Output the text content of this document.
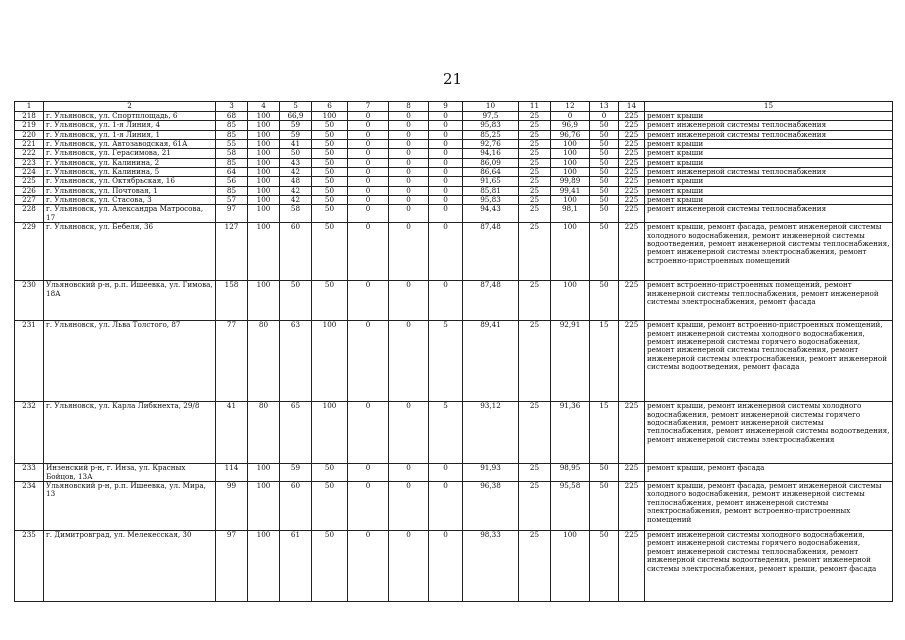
21
1	2	3	4	5	6	7	8	9	10	11	12	13	14	15
218	г. Ульяновск, ул. Спортплощадь, 6	68	100	66,9	100	0	0	0	97,5	25	0	0	225	ремонт крыши
219	г. Ульяновск, ул. 1-я Линия, 4	85	100	59	50	0	0	0	95,83	25	96,9	50	225	ремонт инженерной системы теплоснабжения
220	г. Ульяновск, ул. 1-я Линия, 1	85	100	59	50	0	0	0	85,25	25	96,76	50	225	ремонт инженерной системы теплоснабжения
221	г. Ульяновск, ул. Автозаводская, 61А	55	100	41	50	0	0	0	92,76	25	100	50	225	ремонт крыши
222	г. Ульяновск, ул. Герасимова, 21	58	100	50	50	0	0	0	94,16	25	100	50	225	ремонт крыши
223	г. Ульяновск, ул. Калинина, 2	85	100	43	50	0	0	0	86,09	25	100	50	225	ремонт крыши
224	г. Ульяновск, ул. Калинина, 5	64	100	42	50	0	0	0	86,64	25	100	50	225	ремонт инженерной системы теплоснабжения
225	г. Ульяновск, ул. Октябрьская, 16	56	100	48	50	0	0	0	91,65	25	99,89	50	225	ремонт крыши
226	г. Ульяновск, ул. Почтовая, 1	85	100	42	50	0	0	0	85,81	25	99,41	50	225	ремонт крыши
227	г. Ульяновск, ул. Стасова, 3	57	100	42	50	0	0	0	95,83	25	100	50	225	ремонт крыши
228	г. Ульяновск, ул. Александра Матросова, 17	97	100	58	50	0	0	0	94,43	25	98,1	50	225	ремонт инженерной системы теплоснабжения
229	г. Ульяновск, ул. Бебеля, 36	127	100	60	50	0	0	0	87,48	25	100	50	225	ремонт крыши, ремонт фасада, ремонт инженерной системы холодного водоснабжения, ремонт инженерной системы водоотведения, ремонт инженерной системы теплоснабжения, ремонт инженерной системы электроснабжения, ремонт встроенно-пристроенных помещений
230	Ульяновский р-н, р.п. Ишеевка, ул. Гимова, 18А	158	100	50	50	0	0	0	87,48	25	100	50	225	ремонт встроенно-пристроенных помещений, ремонт инженерной системы теплоснабжения, ремонт инженерной системы электроснабжения, ремонт фасада
231	г. Ульяновск, ул. Льва Толстого, 87	77	80	63	100	0	0	5	89,41	25	92,91	15	225	ремонт крыши, ремонт встроенно-пристроенных помещений, ремонт инженерной системы холодного водоснабжения, ремонт инженерной системы горячего водоснабжения, ремонт инженерной системы теплоснабжения, ремонт инженерной системы электроснабжения, ремонт инженерной системы водоотведения, ремонт фасада
232	г. Ульяновск, ул. Карла Либкнехта, 29/8	41	80	65	100	0	0	5	93,12	25	91,36	15	225	ремонт крыши, ремонт инженерной системы холодного водоснабжения, ремонт инженерной системы горячего водоснабжения, ремонт инженерной системы теплоснабжения, ремонт инженерной системы водоотведения, ремонт инженерной системы электроснабжения
233	Инзенский р-н, г. Инза, ул. Красных Бойцов, 13А	114	100	59	50	0	0	0	91,93	25	98,95	50	225	ремонт крыши, ремонт фасада
234	Ульяновский р-н, р.п. Ишеевка, ул. Мира, 13	99	100	60	50	0	0	0	96,38	25	95,58	50	225	ремонт крыши, ремонт фасада, ремонт инженерной системы холодного водоснабжения, ремонт инженерной системы теплоснабжения, ремонт инженерной системы электроснабжения, ремонт встроенно-пристроенных помещений
235	г. Димитровград, ул. Мелекесская, 30	97	100	61	50	0	0	0	98,33	25	100	50	225	ремонт инженерной системы холодного водоснабжения, ремонт инженерной системы горячего водоснабжения, ремонт инженерной системы теплоснабжения, ремонт инженерной системы водоотведения, ремонт инженерной системы электроснабжения, ремонт крыши, ремонт фасада
